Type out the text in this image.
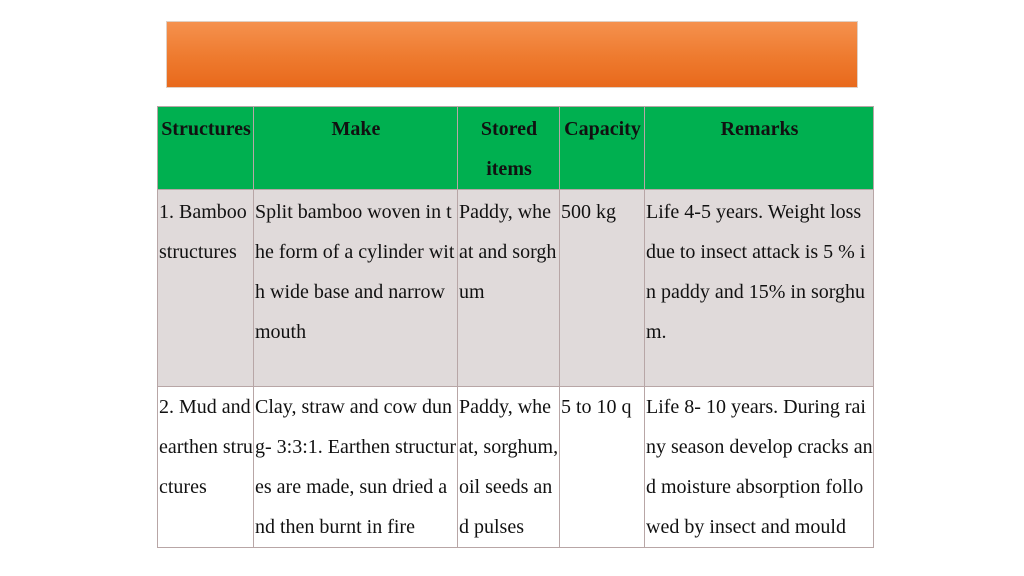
Structures	Make	Stored items	Capacity	Remarks
1. Bamboo structures	Split bamboo woven in the form of a cylinder with wide base and narrow mouth	Paddy, wheat and sorghum	500 kg	Life 4-5 years. Weight loss due to insect attack is 5 % in paddy and 15% in sorghum.
2. Mud and earthen structures	Clay, straw and cow dung- 3:3:1. Earthen structures are made, sun dried and then burnt in fire	Paddy, wheat, sorghum,oil seeds and pulses	5 to 10 q	Life 8- 10 years. During rainy season develop cracks and moisture absorption followed by insect and mould
